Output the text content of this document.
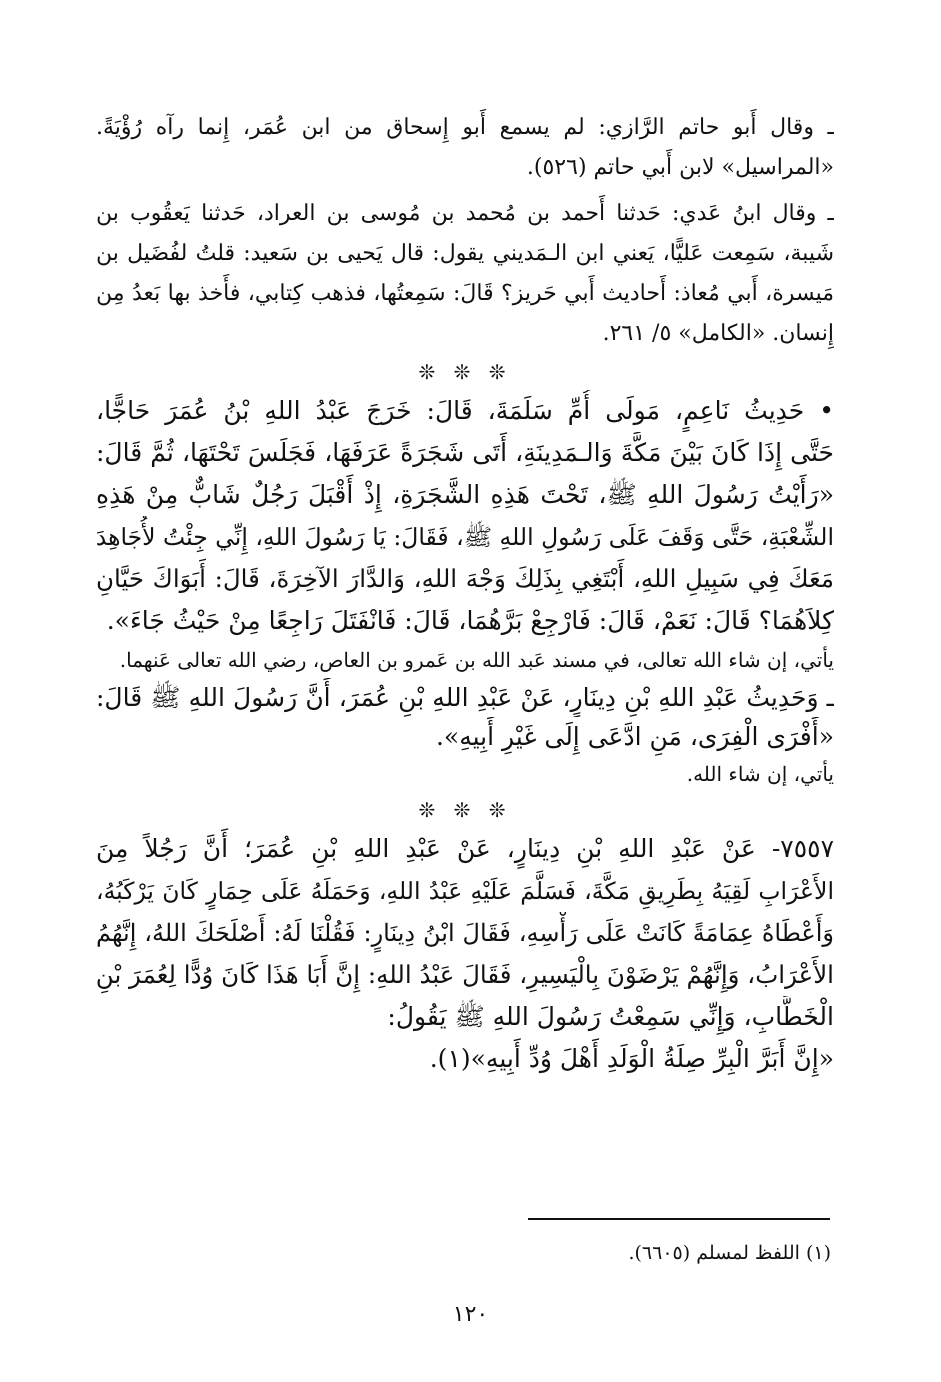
ـ وقال أَبو حاتم الرَّازي: لم يسمع أَبو إِسحاق من ابن عُمَر، إِنما رآه رُؤْيَةً.
«المراسيل» لابن أَبي حاتم (٥٢٦).
ـ وقال ابنُ عَدي: حَدثنا أَحمد بن مُحمد بن مُوسى بن العراد، حَدثنا يَعقُوب بن
شَيبة، سَمِعت عَليًّا، يَعني ابن الـمَديني يقول: قال يَحيى بن سَعيد: قلتُ لفُضَيل بن
مَيسرة، أَبي مُعاذ: أَحاديث أَبي حَريز؟ قَالَ: سَمِعتُها، فذهب كِتابي، فأَخذ بها بَعدُ مِن
إِنسان. «الكامل» ٥/ ٢٦١.
❊ ❊ ❊
• حَدِيثُ نَاعِمٍ، مَولَى أُمِّ سَلَمَةَ، قَالَ: خَرَجَ عَبْدُ اللهِ بْنُ عُمَرَ حَاجًّا،
حَتَّى إِذَا كَانَ بَيْنَ مَكَّةَ وَالـمَدِينَةِ، أَتَى شَجَرَةً عَرَفَهَا، فَجَلَسَ تَحْتَهَا، ثُمَّ قَالَ:
«رَأَيْتُ رَسُولَ اللهِ ﷺ، تَحْتَ هَذِهِ الشَّجَرَةِ، إِذْ أَقْبَلَ رَجُلٌ شَابٌّ مِنْ هَذِهِ
الشِّعْبَةِ، حَتَّى وَقَفَ عَلَى رَسُولِ اللهِ ﷺ، فَقَالَ: يَا رَسُولَ اللهِ، إِنِّي جِئْتُ لأُجَاهِدَ
مَعَكَ فِي سَبِيلِ اللهِ، أَبْتَغِي بِذَلِكَ وَجْهَ اللهِ، وَالدَّارَ الآخِرَةَ، قَالَ: أَبَوَاكَ حَيَّانِ
كِلاَهُمَا؟ قَالَ: نَعَمْ، قَالَ: فَارْجِعْ بَرَّهُمَا، قَالَ: فَانْفَتَلَ رَاجِعًا مِنْ حَيْثُ جَاءَ».
يأتي، إن شاء الله تعالى، في مسند عَبد الله بن عَمرو بن العاص، رضي الله تعالى عَنهما.
ـ وَحَدِيثُ عَبْدِ اللهِ بْنِ دِينَارٍ، عَنْ عَبْدِ اللهِ بْنِ عُمَرَ، أَنَّ رَسُولَ اللهِ ﷺ قَالَ:
«أَفْرَى الْفِرَى، مَنِ ادَّعَى إِلَى غَيْرِ أَبِيهِ».
يأتي، إن شاء الله.
❊ ❊ ❊
٧٥٥٧- عَنْ عَبْدِ اللهِ بْنِ دِينَارٍ، عَنْ عَبْدِ اللهِ بْنِ عُمَرَ؛ أَنَّ رَجُلاً مِنَ
الأَعْرَابِ لَقِيَهُ بِطَرِيقِ مَكَّةَ، فَسَلَّمَ عَلَيْهِ عَبْدُ اللهِ، وَحَمَلَهُ عَلَى حِمَارٍ كَانَ يَرْكَبُهُ،
وَأَعْطَاهُ عِمَامَةً كَانَتْ عَلَى رَأْسِهِ، فَقَالَ ابْنُ دِينَارٍ: فَقُلْنَا لَهُ: أَصْلَحَكَ اللهُ، إِنَّهُمُ
الأَعْرَابُ، وَإِنَّهُمْ يَرْضَوْنَ بِالْيَسِيرِ، فَقَالَ عَبْدُ اللهِ: إِنَّ أَبَا هَذَا كَانَ وُدًّا لِعُمَرَ بْنِ
الْخَطَّابِ، وَإِنِّي سَمِعْتُ رَسُولَ اللهِ ﷺ يَقُولُ:
«إِنَّ أَبَرَّ الْبِرِّ صِلَةُ الْوَلَدِ أَهْلَ وُدِّ أَبِيهِ»(١).
(١) اللفظ لمسلم (٦٦٠٥).
١٢٠
